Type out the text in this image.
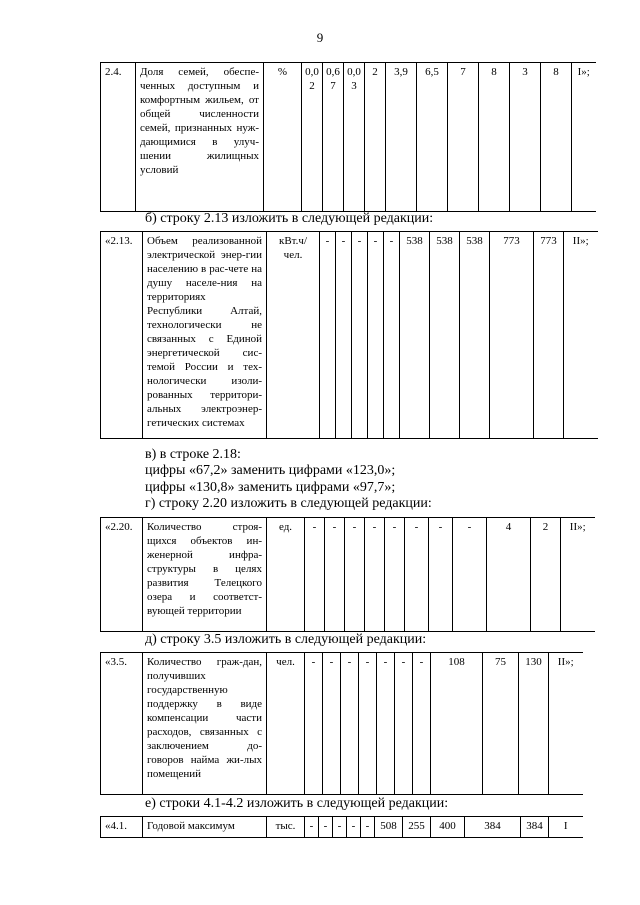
9
2.4.	Доля семей, обеспе-ченных доступным и комфортным жильем, от общей численности семей, признанных нуж-дающимися в улуч-шении жилищных условий	%	0,0 2	0,6 7	0,0 3	2	3,9	6,5	7	8	3	8	I»;

б) строку 2.13 изложить в следующей редакции:

«2.13.	Объем реализованной электрической энер-гии населению в рас-чете на душу населе-ния на территориях Республики Алтай, технологически не связанных с Единой энергетической сис-темой России и тех-нологически изоли-рованных территори-альных электроэнер-гетических системах	кВт.ч/ чел.	-	-	-	-	-	538	538	538	773	773	II»;

в) в строке 2.18:

цифры «67,2» заменить цифрами «123,0»;

цифры «130,8» заменить цифрами «97,7»;

г) строку 2.20 изложить в следующей редакции:

«2.20.	Количество строя-щихся объектов ин-женерной инфра-структуры в целях развития Телецкого озера и соответст-вующей территории	ед.	-	-	-	-	-	-	-	-	4	2	II»;

д) строку 3.5 изложить в следующей редакции:

«3.5.	Количество граж-дан, получивших государственную поддержку в виде компенсации части расходов, связанных с заключением до-говоров найма жи-лых помещений	чел.	-	-	-	-	-	-	-	108	75	130	II»;

е) строки 4.1-4.2 изложить в следующей редакции:

«4.1.	Годовой максимум	тыс.	-	-	-	-	-	508	255	400	384	384	I
